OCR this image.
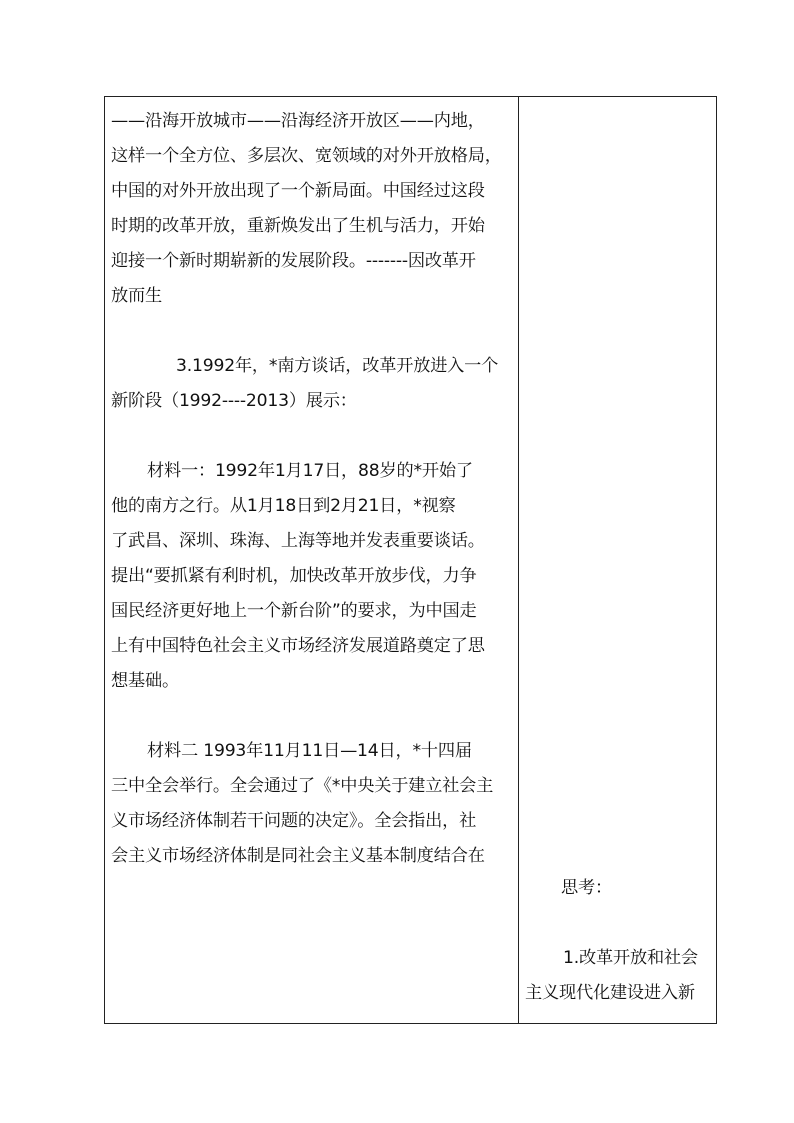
——沿海开放城市——沿海经济开放区——内地，
这样一个全方位、多层次、宽领域的对外开放格局，
中国的对外开放出现了一个新局面。中国经过这段
时期的改革开放，重新焕发出了生机与活力，开始
迎接一个新时期崭新的发展阶段。-------因改革开
放而生
3.1992年，*南方谈话，改革开放进入一个
新阶段（1992----2013）展示：
材料一：1992年1月17日，88岁的*开始了
他的南方之行。从1月18日到2月21日，*视察
了武昌、深圳、珠海、上海等地并发表重要谈话。
提出“要抓紧有利时机，加快改革开放步伐，力争
国民经济更好地上一个新台阶”的要求，为中国走
上有中国特色社会主义市场经济发展道路奠定了思
想基础。
材料二 1993年11月11日—14日，*十四届
三中全会举行。全会通过了《*中央关于建立社会主
义市场经济体制若干问题的决定》。全会指出，社
会主义市场经济体制是同社会主义基本制度结合在
思考：
1.改革开放和社会
主义现代化建设进入新
